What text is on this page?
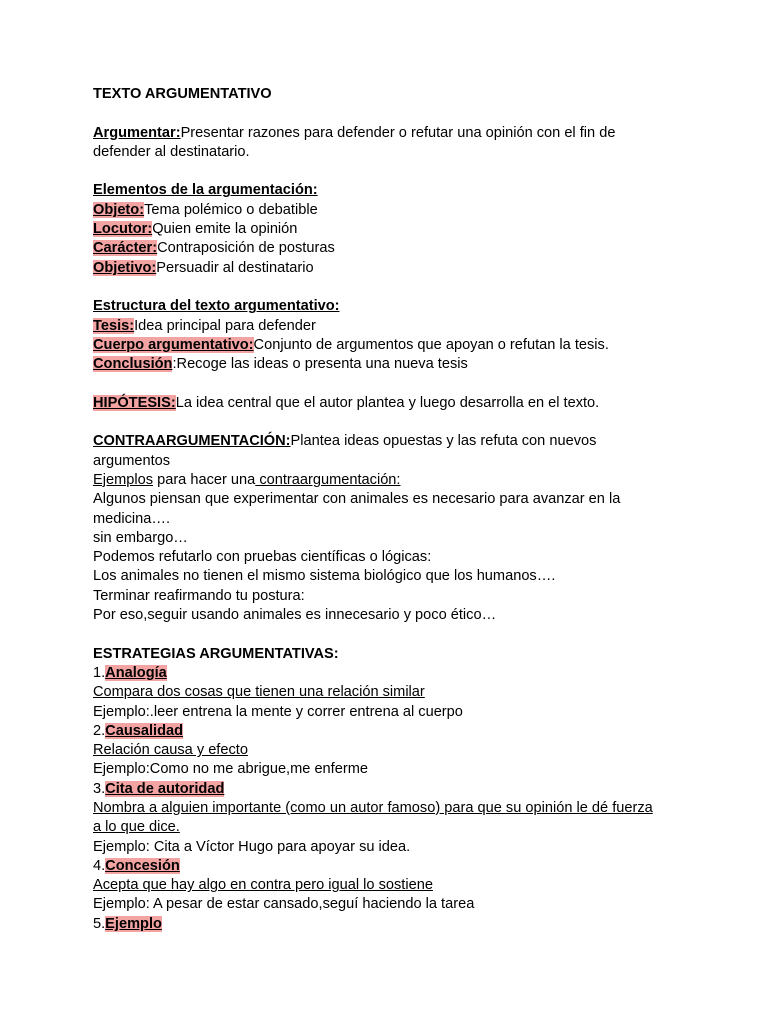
TEXTO ARGUMENTATIVO

Argumentar:Presentar razones para defender o refutar una opinión con el fin de defender al destinatario.

Elementos de la argumentación:

Objeto:Tema polémico o debatible

Locutor:Quien emite la opinión

Carácter:Contraposición de posturas

Objetivo:Persuadir al destinatario

Estructura del texto argumentativo:

Tesis:Idea principal para defender

Cuerpo argumentativo:Conjunto de argumentos que apoyan o refutan la tesis.

Conclusión:Recoge las ideas o presenta una nueva tesis

HIPÓTESIS:La idea central que el autor plantea y luego desarrolla en el texto.

CONTRAARGUMENTACIÓN:Plantea ideas opuestas y las refuta con nuevos argumentos

Ejemplos para hacer una contraargumentación:

Algunos piensan que experimentar con animales es necesario para avanzar en la medicina….

sin embargo…

Podemos refutarlo con pruebas científicas o lógicas:

Los animales no tienen el mismo sistema biológico que los humanos….

Terminar reafirmando tu postura:

Por eso,seguir usando animales es innecesario y poco ético…

ESTRATEGIAS ARGUMENTATIVAS:

1.Analogía

Compara dos cosas que tienen una relación similar

Ejemplo:.leer entrena la mente y correr entrena al cuerpo

2.Causalidad

Relación causa y efecto

Ejemplo:Como no me abrigue,me enferme

3.Cita de autoridad

Nombra a alguien importante (como un autor famoso) para que su opinión le dé fuerza a lo que dice.

Ejemplo: Cita a Víctor Hugo para apoyar su idea.

4.Concesión

Acepta que hay algo en contra pero igual lo sostiene

Ejemplo: A pesar de estar cansado,seguí haciendo la tarea

5.Ejemplo
